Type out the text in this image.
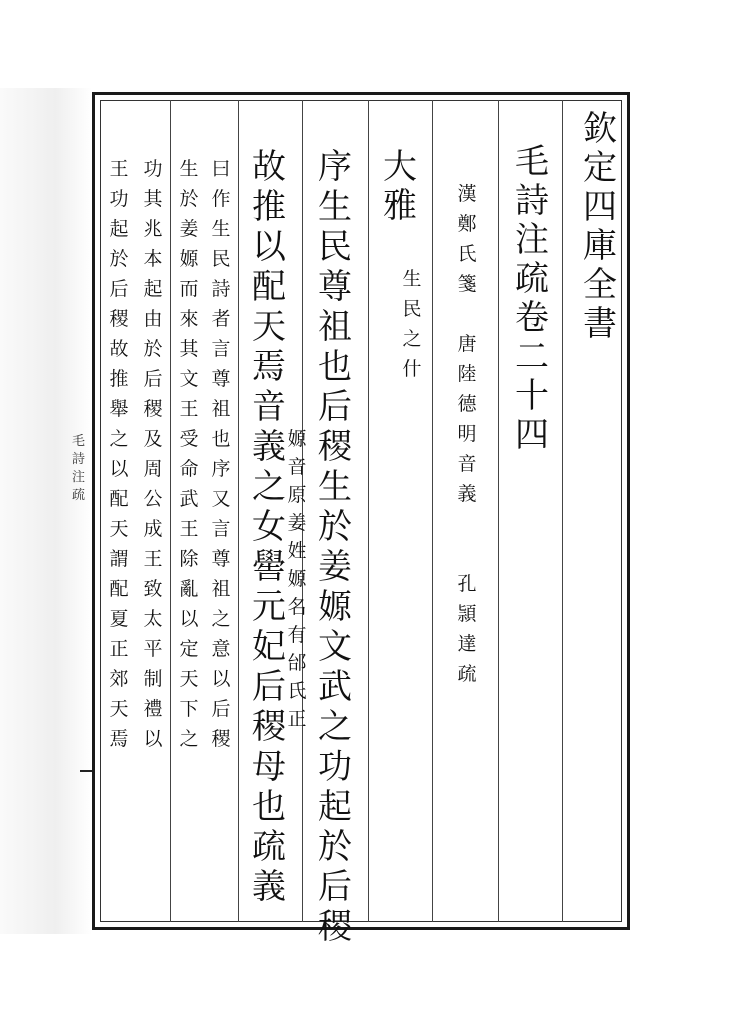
欽
定
四
庫
全
書
毛
詩
注
疏
卷
二
十
四
漢
鄭
氏
箋

唐
陸
德
明
音
義

孔
頴
達
疏
大
雅
生
民
之
什
序
生
民
尊
祖
也
后
稷
生
於
姜
嫄
文
武
之
功
起
於
后
稷
故
推
以
配
天
焉
音
義
之
女
嚳
元
妃
后
稷
母
也
疏
義
嫄
音
原
姜
姓
嫄
名
有
邰
氏
正
曰
作
生
民
詩
者
言
尊
祖
也
序
又
言
尊
祖
之
意
以
后
稷
生
於
姜
嫄
而
來
其
文
王
受
命
武
王
除
亂
以
定
天
下
之
功
其
兆
本
起
由
於
后
稷
及
周
公
成
王
致
太
平
制
禮
以
王
功
起
於
后
稷
故
推
舉
之
以
配
天
謂
配
夏
正
郊
天
焉
毛
詩
注
疏
